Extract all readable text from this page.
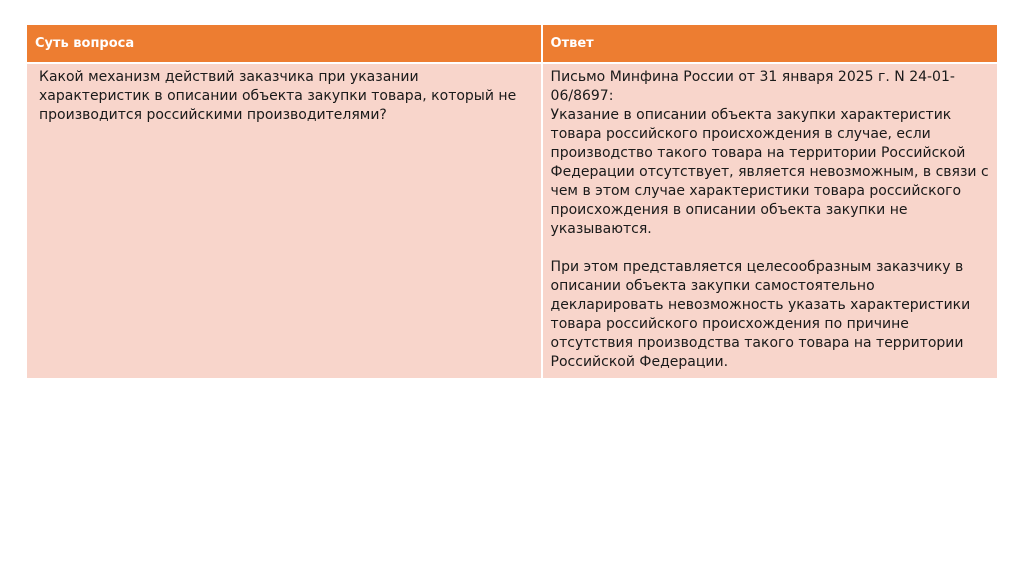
Суть вопроса	Ответ

Какой механизм действий заказчика при указании характеристик в описании объекта закупки товара, который не производится российскими производителями?	Письмо Минфина России от 31 января 2025 г. N 24-01-06/8697:
Указание в описании объекта закупки характеристик товара российского происхождения в случае, если производство такого товара на территории Российской Федерации отсутствует, является невозможным, в связи с чем в этом случае характеристики товара российского происхождения в описании объекта закупки не указываются.
При этом представляется целесообразным заказчику в описании объекта закупки самостоятельно декларировать невозможность указать характеристики товара российского происхождения по причине отсутствия производства такого товара на территории Российской Федерации.
